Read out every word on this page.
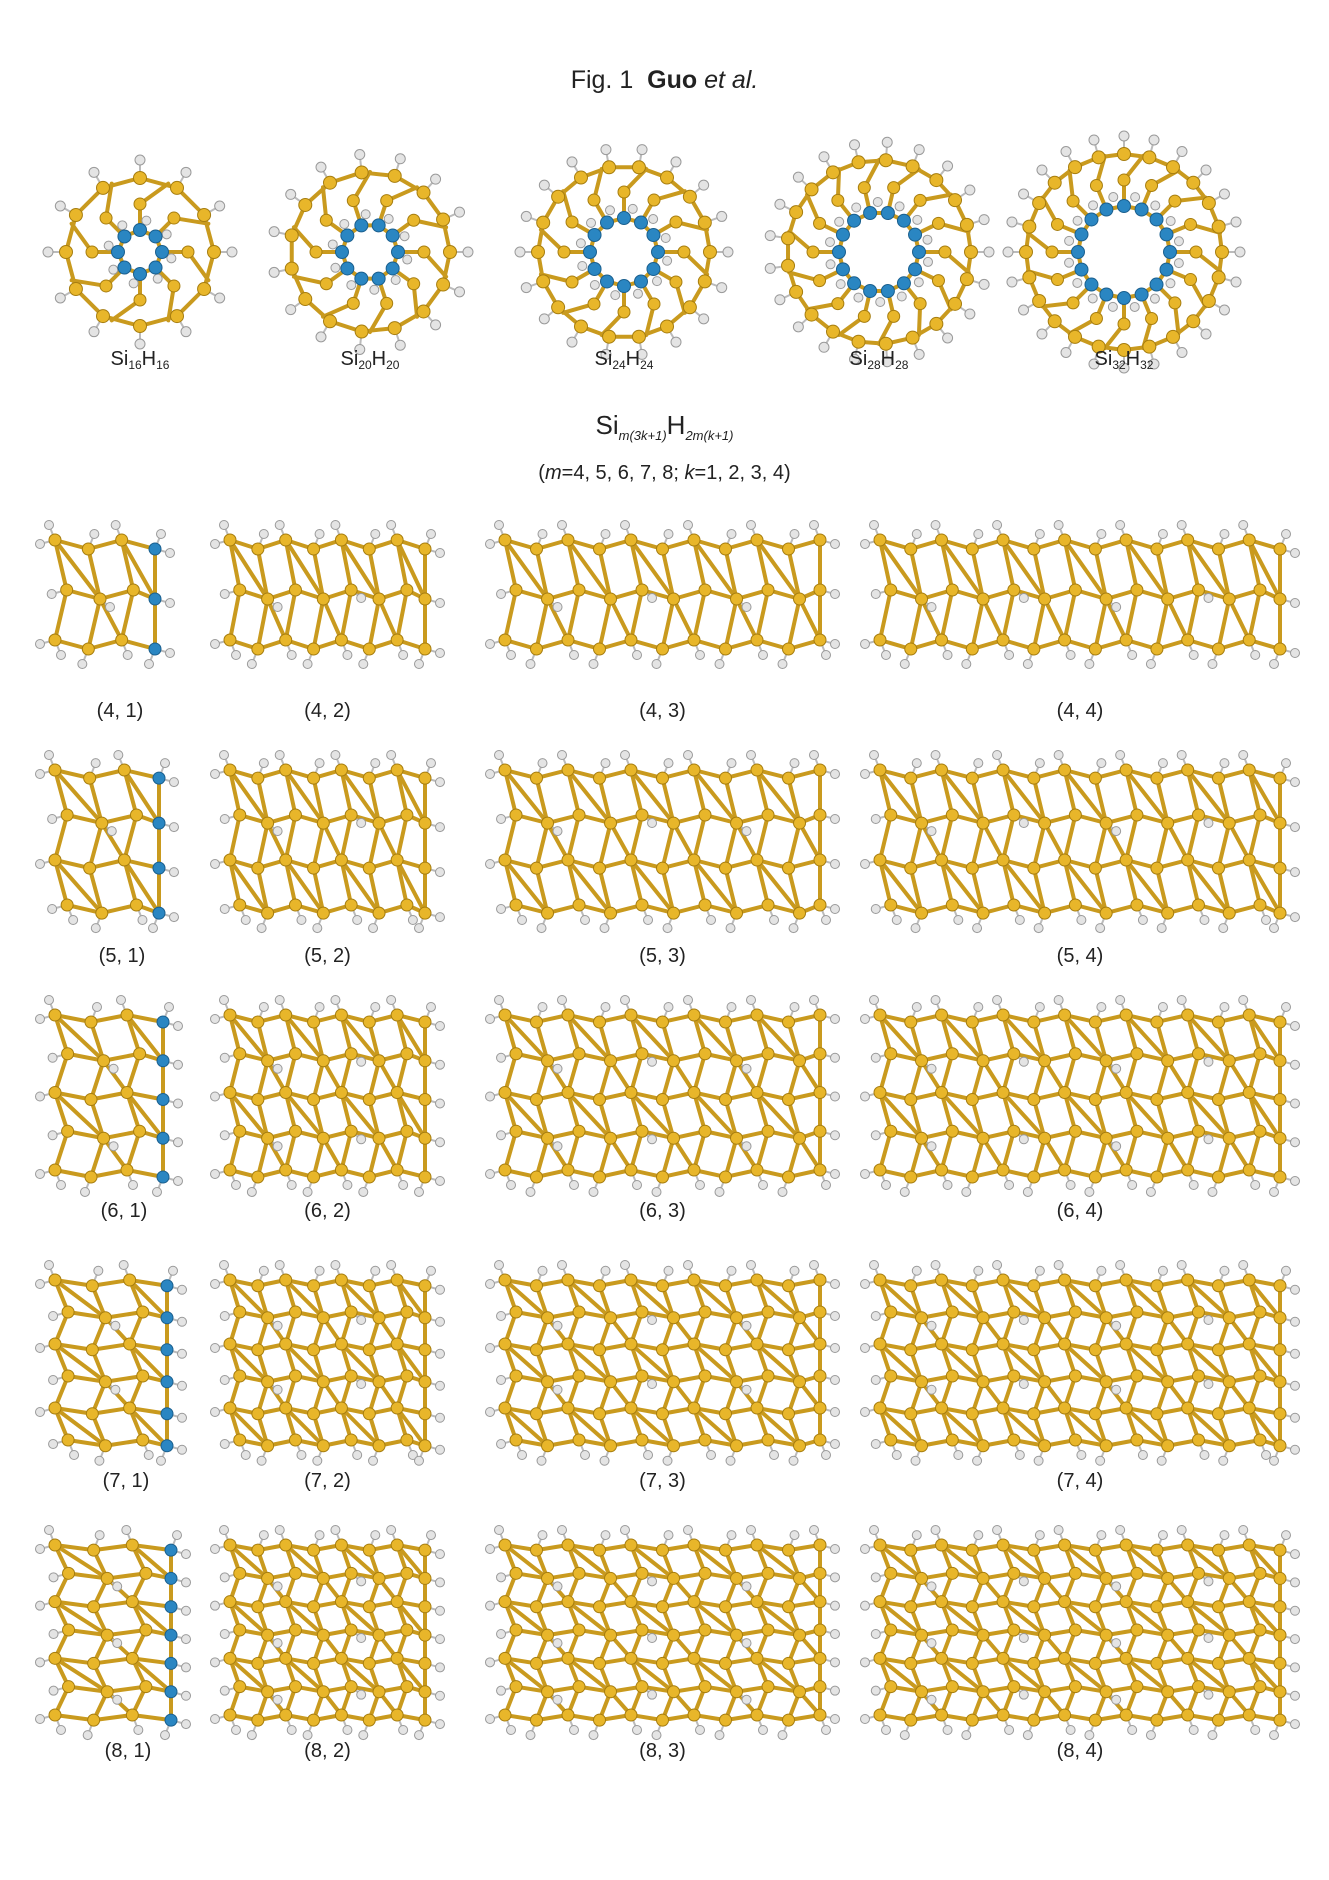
Fig. 1 Guo et al.
$Si_{16}H_{16}$	$Si_{20}H_{20}$	$Si_{24}H_{24}$	$Si_{28}H_{28}$	$Si_{32}H_{32}$
$Si_{m(3k+1)}H_{2m(k+1)}$
(m=4, 5, 6, 7, 8; k=1, 2, 3, 4)
(4, 1)	(4, 2)	(4, 3)	(4, 4)
(5, 1)	(5, 2)	(5, 3)	(5, 4)
(6, 1)	(6, 2)	(6, 3)	(6, 4)
(7, 1)	(7, 2)	(7, 3)	(7, 4)
(8, 1)	(8, 2)	(8, 3)	(8, 4)
